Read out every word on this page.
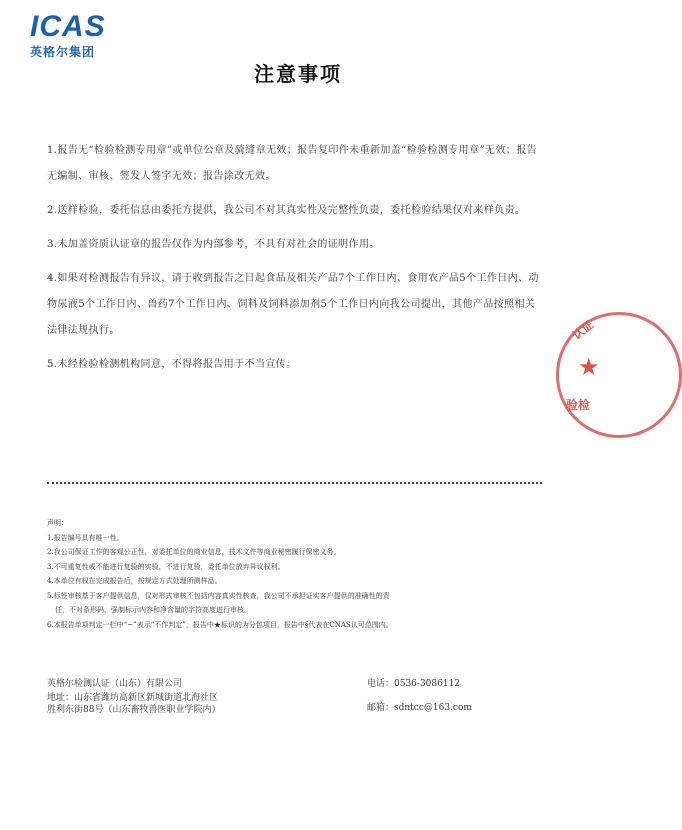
ICAS
英格尔集团
注意事项

1.报告无“检验检测专用章”或单位公章及骑缝章无效；报告复印件未重新加盖“检验检测专用章”无效；报告无编制、审核、签发人签字无效；报告涂改无效。

2.送样检验，委托信息由委托方提供，我公司不对其真实性及完整性负责，委托检验结果仅对来样负责。

3.未加盖资质认证章的报告仅作为内部参考，不具有对社会的证明作用。

4.如果对检测报告有异议，请于收到报告之日起食品及相关产品7个工作日内、食用农产品5个工作日内、动物尿液5个工作日内、兽药7个工作日内、饲料及饲料添加剂5个工作日内向我公司提出，其他产品按照相关法律法规执行。

5.未经检验检测机构同意，不得将报告用于不当宣传。

认证
★
验检
声明：
1.报告编号具有唯一性。
2.我公司保证工作的客观公正性，对委托单位的商业信息，技术文件等商业秘密履行保密义务。
3.不可重复性或不能进行复验的实验，不进行复验，委托单位放弃异议权利。
4.本单位有权在完成报告后，按规定方式处理所测样品。
5.标签审核基于客户提供信息，仅对形式审核不包括内容真实性核查，我公司不承担证实客户提供的准确性的责
任，不对条形码、强制标示内容和净含量的字符高度进行审核。
6.本报告单项判定一栏中“~”表示“不作判定”，报告中★标识的为分包项目，报告中§代表在CNAS认可范围内。
英格尔检测认证（山东）有限公司	电话：0536-3086112
地址：山东省潍坊高新区新城街道北海社区
胜利东街88号（山东畜牧兽医职业学院内）	邮箱：sdntcc@163.com
